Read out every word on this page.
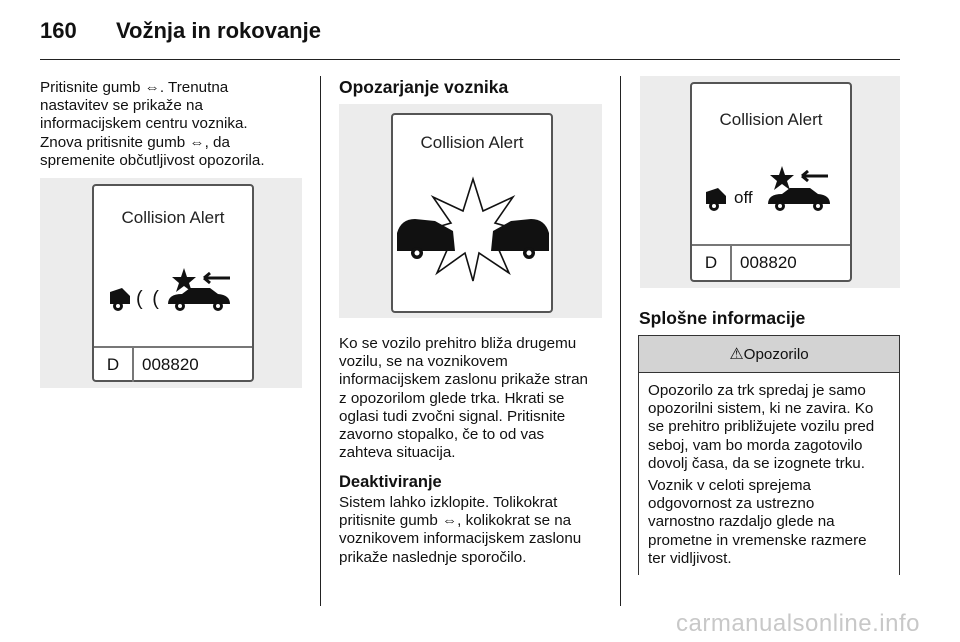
160 Vožnja in rokovanje
Pritisnite gumb ⇔. Trenutna
nastavitev se prikaže na
informacijskem centru voznika.
Znova pritisnite gumb ⇔, da
spremenite občutljivost opozorila.
Collision Alert
( (
D	008820
Opozarjanje voznika
Collision Alert
Ko se vozilo prehitro bliža drugemu
vozilu, se na voznikovem
informacijskem zaslonu prikaže stran
z opozorilom glede trka. Hkrati se
oglasi tudi zvočni signal. Pritisnite
zavorno stopalko, če to od vas
zahteva situacija.
Deaktiviranje
Sistem lahko izklopite. Tolikokrat
pritisnite gumb ⇔, kolikokrat se na
voznikovem informacijskem zaslonu
prikaže naslednje sporočilo.
Collision Alert
off
D	008820
Splošne informacije
⚠Opozorilo
Opozorilo za trk spredaj je samo
opozorilni sistem, ki ne zavira. Ko
se prehitro približujete vozilu pred
seboj, vam bo morda zagotovilo
dovolj časa, da se izognete trku.
Voznik v celoti sprejema
odgovornost za ustrezno
varnostno razdaljo glede na
prometne in vremenske razmere
ter vidljivost.
carmanualsonline.info
